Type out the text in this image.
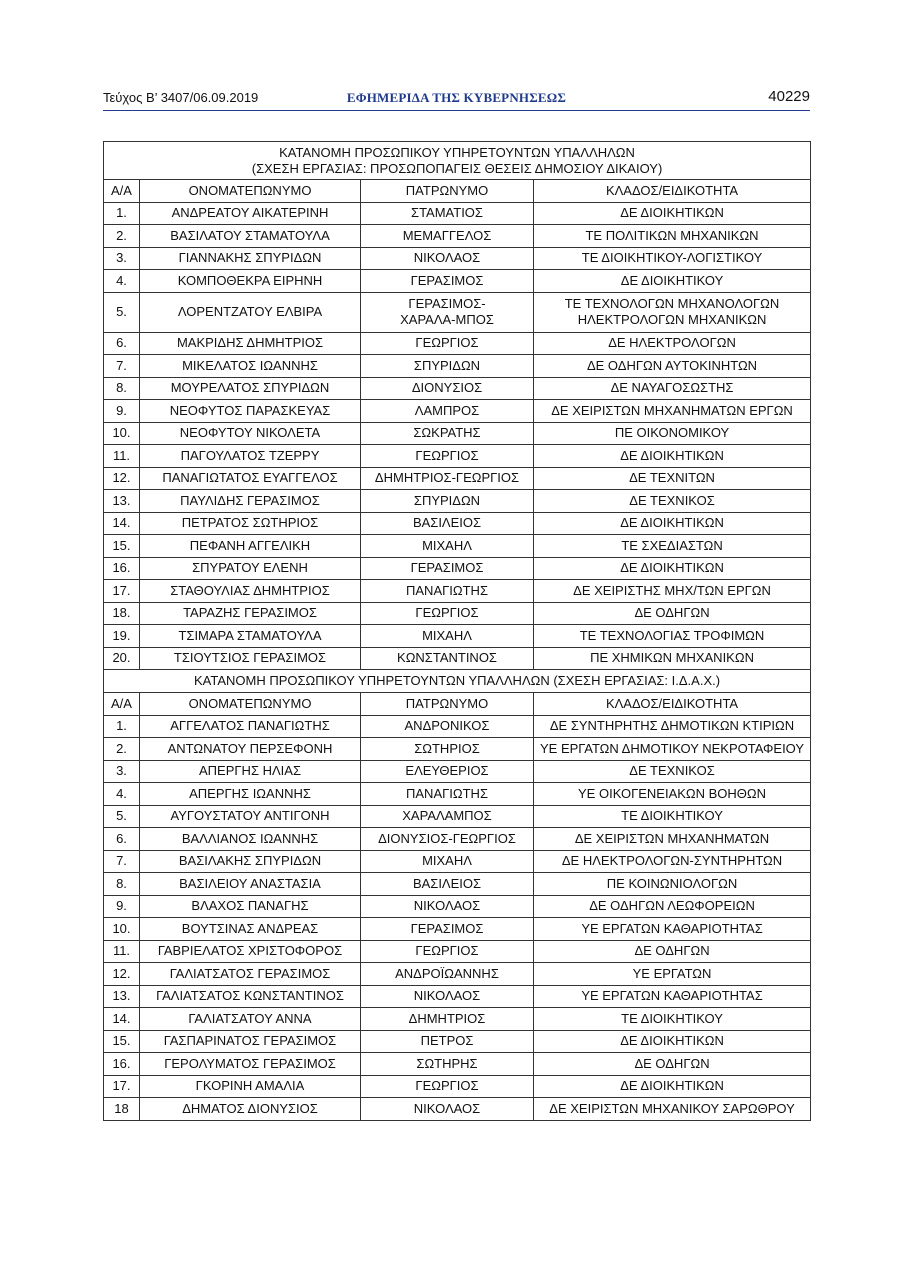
Τεύχος Β’ 3407/06.09.2019	ΕΦΗΜΕΡΙΔΑ ΤΗΣ ΚΥΒΕΡΝΗΣΕΩΣ	40229
ΚΑΤΑΝΟΜΗ ΠΡΟΣΩΠΙΚΟΥ ΥΠΗΡΕΤΟΥΝΤΩΝ ΥΠΑΛΛΗΛΩΝ
(ΣΧΕΣΗ ΕΡΓΑΣΙΑΣ: ΠΡΟΣΩΠΟΠΑΓΕΙΣ ΘΕΣΕΙΣ ΔΗΜΟΣΙΟΥ ΔΙΚΑΙΟΥ)			

Α/Α	ΟΝΟΜΑΤΕΠΩΝΥΜΟ	ΠΑΤΡΩΝΥΜΟ	ΚΛΑΔΟΣ/ΕΙΔΙΚΟΤΗΤΑ
1.	ΑΝΔΡΕΑΤΟΥ ΑΙΚΑΤΕΡΙΝΗ	ΣΤΑΜΑΤΙΟΣ	ΔΕ ΔΙΟΙΚΗΤΙΚΩΝ
2.	ΒΑΣΙΛΑΤΟΥ ΣΤΑΜΑΤΟΥΛΑ	ΜΕΜΑΓΓΕΛΟΣ	ΤΕ ΠΟΛΙΤΙΚΩΝ ΜΗΧΑΝΙΚΩΝ
3.	ΓΙΑΝΝΑΚΗΣ ΣΠΥΡΙΔΩΝ	ΝΙΚΟΛΑΟΣ	ΤΕ ΔΙΟΙΚΗΤΙΚΟΥ-ΛΟΓΙΣΤΙΚΟΥ
4.	ΚΟΜΠΟΘΕΚΡΑ ΕΙΡΗΝΗ	ΓΕΡΑΣΙΜΟΣ	ΔΕ ΔΙΟΙΚΗΤΙΚΟΥ
5.	ΛΟΡΕΝΤΖΑΤΟΥ ΕΛΒΙΡΑ	ΓΕΡΑΣΙΜΟΣ-ΧΑΡΑΛΑ-ΜΠΟΣ	ΤΕ ΤΕΧΝΟΛΟΓΩΝ ΜΗΧΑΝΟΛΟΓΩΝ ΗΛΕΚΤΡΟΛΟΓΩΝ ΜΗΧΑΝΙΚΩΝ
6.	ΜΑΚΡΙΔΗΣ ΔΗΜΗΤΡΙΟΣ	ΓΕΩΡΓΙΟΣ	ΔΕ ΗΛΕΚΤΡΟΛΟΓΩΝ
7.	ΜΙΚΕΛΑΤΟΣ ΙΩΑΝΝΗΣ	ΣΠΥΡΙΔΩΝ	ΔΕ ΟΔΗΓΩΝ ΑΥΤΟΚΙΝΗΤΩΝ
8.	ΜΟΥΡΕΛΑΤΟΣ ΣΠΥΡΙΔΩΝ	ΔΙΟΝΥΣΙΟΣ	ΔΕ ΝΑΥΑΓΟΣΩΣΤΗΣ
9.	ΝΕΟΦΥΤΟΣ ΠΑΡΑΣΚΕΥΑΣ	ΛΑΜΠΡΟΣ	ΔΕ ΧΕΙΡΙΣΤΩΝ ΜΗΧΑΝΗΜΑΤΩΝ ΕΡΓΩΝ
10.	ΝΕΟΦΥΤΟΥ ΝΙΚΟΛΕΤΑ	ΣΩΚΡΑΤΗΣ	ΠΕ ΟΙΚΟΝΟΜΙΚΟΥ
11.	ΠΑΓΟΥΛΑΤΟΣ ΤΖΕΡΡΥ	ΓΕΩΡΓΙΟΣ	ΔΕ ΔΙΟΙΚΗΤΙΚΩΝ
12.	ΠΑΝΑΓΙΩΤΑΤΟΣ ΕΥΑΓΓΕΛΟΣ	ΔΗΜΗΤΡΙΟΣ-ΓΕΩΡΓΙΟΣ	ΔΕ ΤΕΧΝΙΤΩΝ
13.	ΠΑΥΛΙΔΗΣ ΓΕΡΑΣΙΜΟΣ	ΣΠΥΡΙΔΩΝ	ΔΕ ΤΕΧΝΙΚΟΣ
14.	ΠΕΤΡΑΤΟΣ ΣΩΤΗΡΙΟΣ	ΒΑΣΙΛΕΙΟΣ	ΔΕ ΔΙΟΙΚΗΤΙΚΩΝ
15.	ΠΕΦΑΝΗ ΑΓΓΕΛΙΚΗ	ΜΙΧΑΗΛ	ΤΕ ΣΧΕΔΙΑΣΤΩΝ
16.	ΣΠΥΡΑΤΟΥ ΕΛΕΝΗ	ΓΕΡΑΣΙΜΟΣ	ΔΕ ΔΙΟΙΚΗΤΙΚΩΝ
17.	ΣΤΑΘΟΥΛΙΑΣ ΔΗΜΗΤΡΙΟΣ	ΠΑΝΑΓΙΩΤΗΣ	ΔΕ ΧΕΙΡΙΣΤΗΣ ΜΗΧ/ΤΩΝ ΕΡΓΩΝ
18.	ΤΑΡΑΖΗΣ ΓΕΡΑΣΙΜΟΣ	ΓΕΩΡΓΙΟΣ	ΔΕ ΟΔΗΓΩΝ
19.	ΤΣΙΜΑΡΑ ΣΤΑΜΑΤΟΥΛΑ	ΜΙΧΑΗΛ	ΤΕ ΤΕΧΝΟΛΟΓΙΑΣ ΤΡΟΦΙΜΩΝ
20.	ΤΣΙΟΥΤΣΙΟΣ ΓΕΡΑΣΙΜΟΣ	ΚΩΝΣΤΑΝΤΙΝΟΣ	ΠΕ ΧΗΜΙΚΩΝ ΜΗΧΑΝΙΚΩΝ
ΚΑΤΑΝΟΜΗ ΠΡΟΣΩΠΙΚΟΥ ΥΠΗΡΕΤΟΥΝΤΩΝ ΥΠΑΛΛΗΛΩΝ (ΣΧΕΣΗ ΕΡΓΑΣΙΑΣ: Ι.Δ.Α.Χ.)			
Α/Α	ΟΝΟΜΑΤΕΠΩΝΥΜΟ	ΠΑΤΡΩΝΥΜΟ	ΚΛΑΔΟΣ/ΕΙΔΙΚΟΤΗΤΑ
1.	ΑΓΓΕΛΑΤΟΣ ΠΑΝΑΓΙΩΤΗΣ	ΑΝΔΡΟΝΙΚΟΣ	ΔΕ ΣΥΝΤΗΡΗΤΗΣ ΔΗΜΟΤΙΚΩΝ ΚΤΙΡΙΩΝ
2.	ΑΝΤΩΝΑΤΟΥ ΠΕΡΣΕΦΟΝΗ	ΣΩΤΗΡΙΟΣ	ΥΕ ΕΡΓΑΤΩΝ ΔΗΜΟΤΙΚΟΥ ΝΕΚΡΟΤΑΦΕΙΟΥ
3.	ΑΠΕΡΓΗΣ ΗΛΙΑΣ	ΕΛΕΥΘΕΡΙΟΣ	ΔΕ ΤΕΧΝΙΚΟΣ
4.	ΑΠΕΡΓΗΣ ΙΩΑΝΝΗΣ	ΠΑΝΑΓΙΩΤΗΣ	ΥΕ ΟΙΚΟΓΕΝΕΙΑΚΩΝ ΒΟΗΘΩΝ
5.	ΑΥΓΟΥΣΤΑΤΟΥ ΑΝΤΙΓΟΝΗ	ΧΑΡΑΛΑΜΠΟΣ	ΤΕ ΔΙΟΙΚΗΤΙΚΟΥ
6.	ΒΑΛΛΙΑΝΟΣ ΙΩΑΝΝΗΣ	ΔΙΟΝΥΣΙΟΣ-ΓΕΩΡΓΙΟΣ	ΔΕ ΧΕΙΡΙΣΤΩΝ ΜΗΧΑΝΗΜΑΤΩΝ
7.	ΒΑΣΙΛΑΚΗΣ ΣΠΥΡΙΔΩΝ	ΜΙΧΑΗΛ	ΔΕ ΗΛΕΚΤΡΟΛΟΓΩΝ-ΣΥΝΤΗΡΗΤΩΝ
8.	ΒΑΣΙΛΕΙΟΥ ΑΝΑΣΤΑΣΙΑ	ΒΑΣΙΛΕΙΟΣ	ΠΕ ΚΟΙΝΩΝΙΟΛΟΓΩΝ
9.	ΒΛΑΧΟΣ ΠΑΝΑΓΗΣ	ΝΙΚΟΛΑΟΣ	ΔΕ ΟΔΗΓΩΝ ΛΕΩΦΟΡΕΙΩΝ
10.	ΒΟΥΤΣΙΝΑΣ ΑΝΔΡΕΑΣ	ΓΕΡΑΣΙΜΟΣ	ΥΕ ΕΡΓΑΤΩΝ ΚΑΘΑΡΙΟΤΗΤΑΣ
11.	ΓΑΒΡΙΕΛΑΤΟΣ ΧΡΙΣΤΟΦΟΡΟΣ	ΓΕΩΡΓΙΟΣ	ΔΕ ΟΔΗΓΩΝ
12.	ΓΑΛΙΑΤΣΑΤΟΣ ΓΕΡΑΣΙΜΟΣ	ΑΝΔΡΟΪΩΑΝΝΗΣ	ΥΕ ΕΡΓΑΤΩΝ
13.	ΓΑΛΙΑΤΣΑΤΟΣ ΚΩΝΣΤΑΝΤΙΝΟΣ	ΝΙΚΟΛΑΟΣ	ΥΕ ΕΡΓΑΤΩΝ ΚΑΘΑΡΙΟΤΗΤΑΣ
14.	ΓΑΛΙΑΤΣΑΤΟΥ ΑΝΝΑ	ΔΗΜΗΤΡΙΟΣ	ΤΕ ΔΙΟΙΚΗΤΙΚΟΥ
15.	ΓΑΣΠΑΡΙΝΑΤΟΣ ΓΕΡΑΣΙΜΟΣ	ΠΕΤΡΟΣ	ΔΕ ΔΙΟΙΚΗΤΙΚΩΝ
16.	ΓΕΡΟΛΥΜΑΤΟΣ ΓΕΡΑΣΙΜΟΣ	ΣΩΤΗΡΗΣ	ΔΕ ΟΔΗΓΩΝ
17.	ΓΚΟΡΙΝΗ ΑΜΑΛΙΑ	ΓΕΩΡΓΙΟΣ	ΔΕ ΔΙΟΙΚΗΤΙΚΩΝ
18	ΔΗΜΑΤΟΣ ΔΙΟΝΥΣΙΟΣ	ΝΙΚΟΛΑΟΣ	ΔΕ ΧΕΙΡΙΣΤΩΝ ΜΗΧΑΝΙΚΟΥ ΣΑΡΩΘΡΟΥ
